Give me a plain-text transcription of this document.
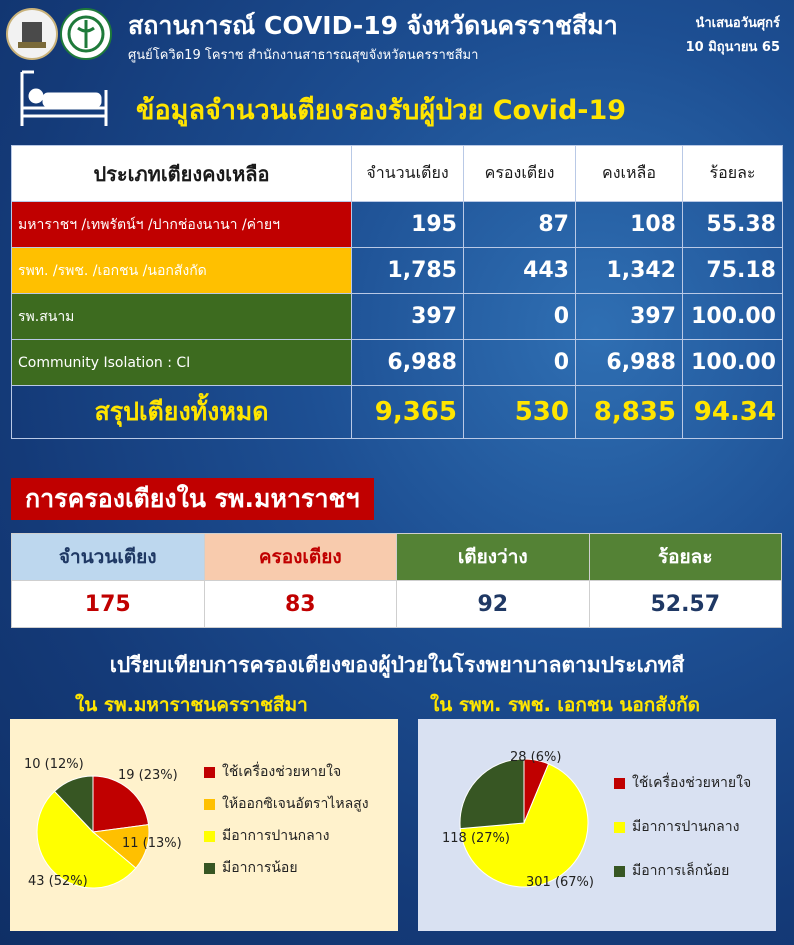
สถานการณ์ COVID-19 จังหวัดนครราชสีมา
ศูนย์โควิด19 โคราช สำนักงานสาธารณสุขจังหวัดนครราชสีมา
นำเสนอวันศุกร์
10 มิถุนายน 65
ข้อมูลจำนวนเตียงรองรับผู้ป่วย Covid-19
ประเภทเตียงคงเหลือ	จำนวนเตียง	ครองเตียง	คงเหลือ	ร้อยละ
มหาราชฯ /เทพรัตน์ฯ /ปากช่องนานา /ค่ายฯ	195	87	108	55.38
รพท. /รพช. /เอกชน /นอกสังกัด	1,785	443	1,342	75.18
รพ.สนาม	397	0	397	100.00
Community Isolation : CI	6,988	0	6,988	100.00
สรุปเตียงทั้งหมด	9,365	530	8,835	94.34
การครองเตียงใน รพ.มหาราชฯ
จำนวนเตียง	ครองเตียง	เตียงว่าง	ร้อยละ
175	83	92	52.57
เปรียบเทียบการครองเตียงของผู้ป่วยในโรงพยาบาลตามประเภทสี
ใน รพ.มหาราชนครราชสีมา	ใน รพท. รพช. เอกชน นอกสังกัด
10 (12%)
19 (23%)
11 (13%)
43 (52%)
ใช้เครื่องช่วยหายใจ
ให้ออกซิเจนอัตราไหลสูง
มีอาการปานกลาง
มีอาการน้อย
28 (6%)
118 (27%)
301 (67%)
ใช้เครื่องช่วยหายใจ
มีอาการปานกลาง
มีอาการเล็กน้อย
